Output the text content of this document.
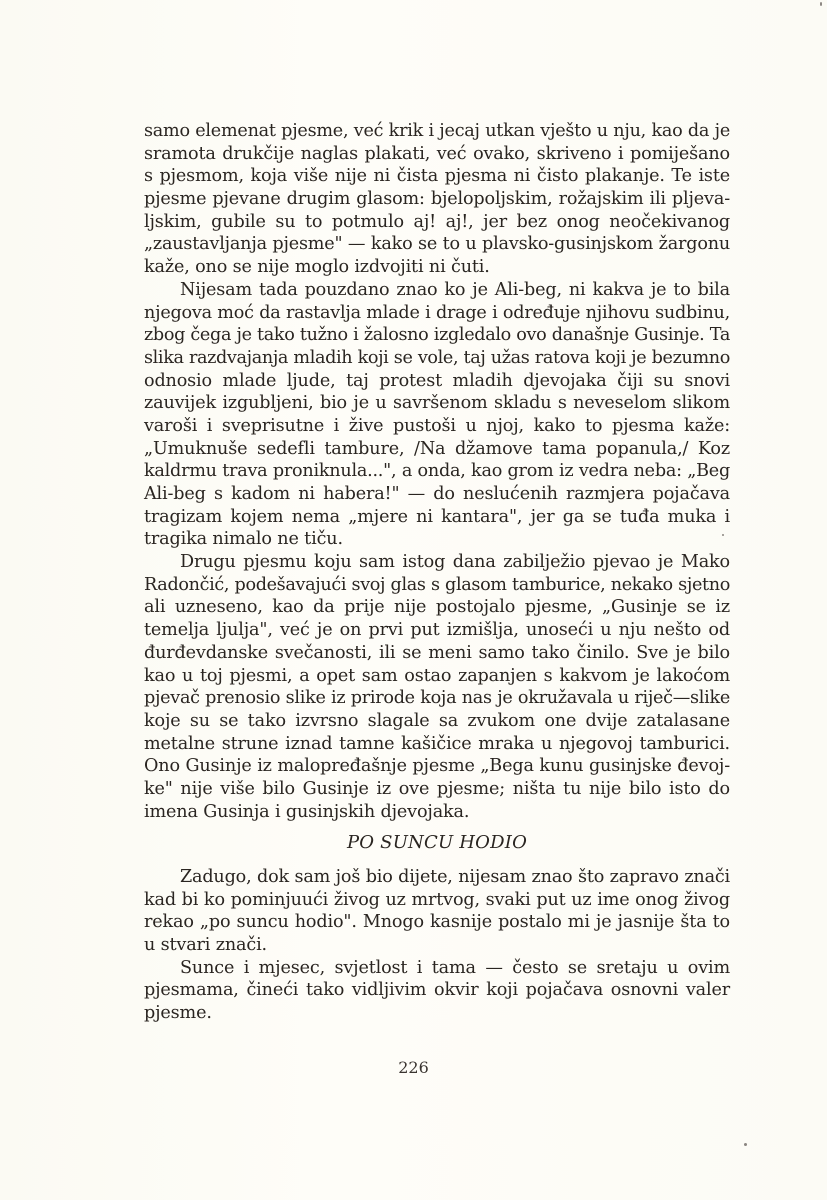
samo elemenat pjesme, već krik i jecaj utkan vješto u nju, kao da je
sramota drukčije naglas plakati, već ovako, skriveno i pomiješano
s pjesmom, koja više nije ni čista pjesma ni čisto plakanje. Te iste
pjesme pjevane drugim glasom: bjelopoljskim, rožajskim ili pljeva-
ljskim, gubile su to potmulo aj! aj!, jer bez onog neočekivanog
„zaustavljanja pjesme" — kako se to u plavsko-gusinjskom žargonu
kaže, ono se nije moglo izdvojiti ni čuti.
Nijesam tada pouzdano znao ko je Ali-beg, ni kakva je to bila
njegova moć da rastavlja mlade i drage i određuje njihovu sudbinu,
zbog čega je tako tužno i žalosno izgledalo ovo današnje Gusinje. Ta
slika razdvajanja mladih koji se vole, taj užas ratova koji je bezumno
odnosio mlade ljude, taj protest mladih djevojaka čiji su snovi
zauvijek izgubljeni, bio je u savršenom skladu s neveselom slikom
varoši i sveprisutne i žive pustoši u njoj, kako to pjesma kaže:
„Umuknuše sedefli tambure, /Na džamove tama popanula,/ Koz
kaldrmu trava proniknula...", a onda, kao grom iz vedra neba: „Beg
Ali-beg s kadom ni habera!" — do neslućenih razmjera pojačava
tragizam kojem nema „mjere ni kantara", jer ga se tuđa muka i
tragika nimalo ne tiču.
Drugu pjesmu koju sam istog dana zabilježio pjevao je Mako
Radončić, podešavajući svoj glas s glasom tamburice, nekako sjetno
ali uzneseno, kao da prije nije postojalo pjesme, „Gusinje se iz
temelja ljulja", već je on prvi put izmišlja, unoseći u nju nešto od
đurđevdanske svečanosti, ili se meni samo tako činilo. Sve je bilo
kao u toj pjesmi, a opet sam ostao zapanjen s kakvom je lakoćom
pjevač prenosio slike iz prirode koja nas je okružavala u riječ—slike
koje su se tako izvrsno slagale sa zvukom one dvije zatalasane
metalne strune iznad tamne kašičice mraka u njegovoj tamburici.
Ono Gusinje iz malopređašnje pjesme „Bega kunu gusinjske đevoj-
ke" nije više bilo Gusinje iz ove pjesme; ništa tu nije bilo isto do
imena Gusinja i gusinjskih djevojaka.
PO SUNCU HODIO
Zadugo, dok sam još bio dijete, nijesam znao što zapravo znači
kad bi ko pominjuući živog uz mrtvog, svaki put uz ime onog živog
rekao „po suncu hodio". Mnogo kasnije postalo mi je jasnije šta to
u stvari znači.
Sunce i mjesec, svjetlost i tama — često se sretaju u ovim
pjesmama, čineći tako vidljivim okvir koji pojačava osnovni valer
pjesme.
226
